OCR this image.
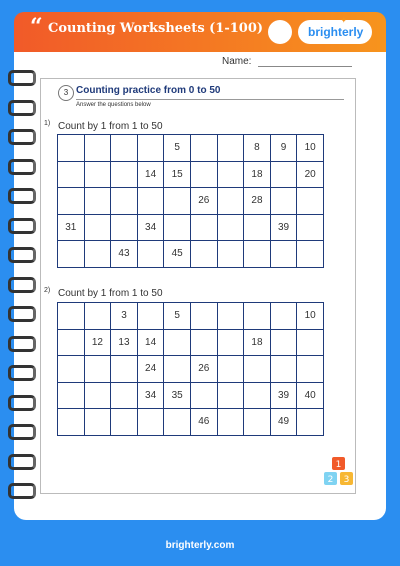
“ Counting Worksheets (1-100)
✦
brighterly
Name:
3 Counting practice from 0 to 50
Answer the questions below
1) Count by 1 from 1 to 50
				5			8	9	10
			14	15			18		20
					26		28		
31			34					39	
		43		45					
2) Count by 1 from 1 to 50
		3		5					10
	12	13	14				18		
			24		26				
			34	35				39	40
					46			49	
1
2 3
brighterly.com
